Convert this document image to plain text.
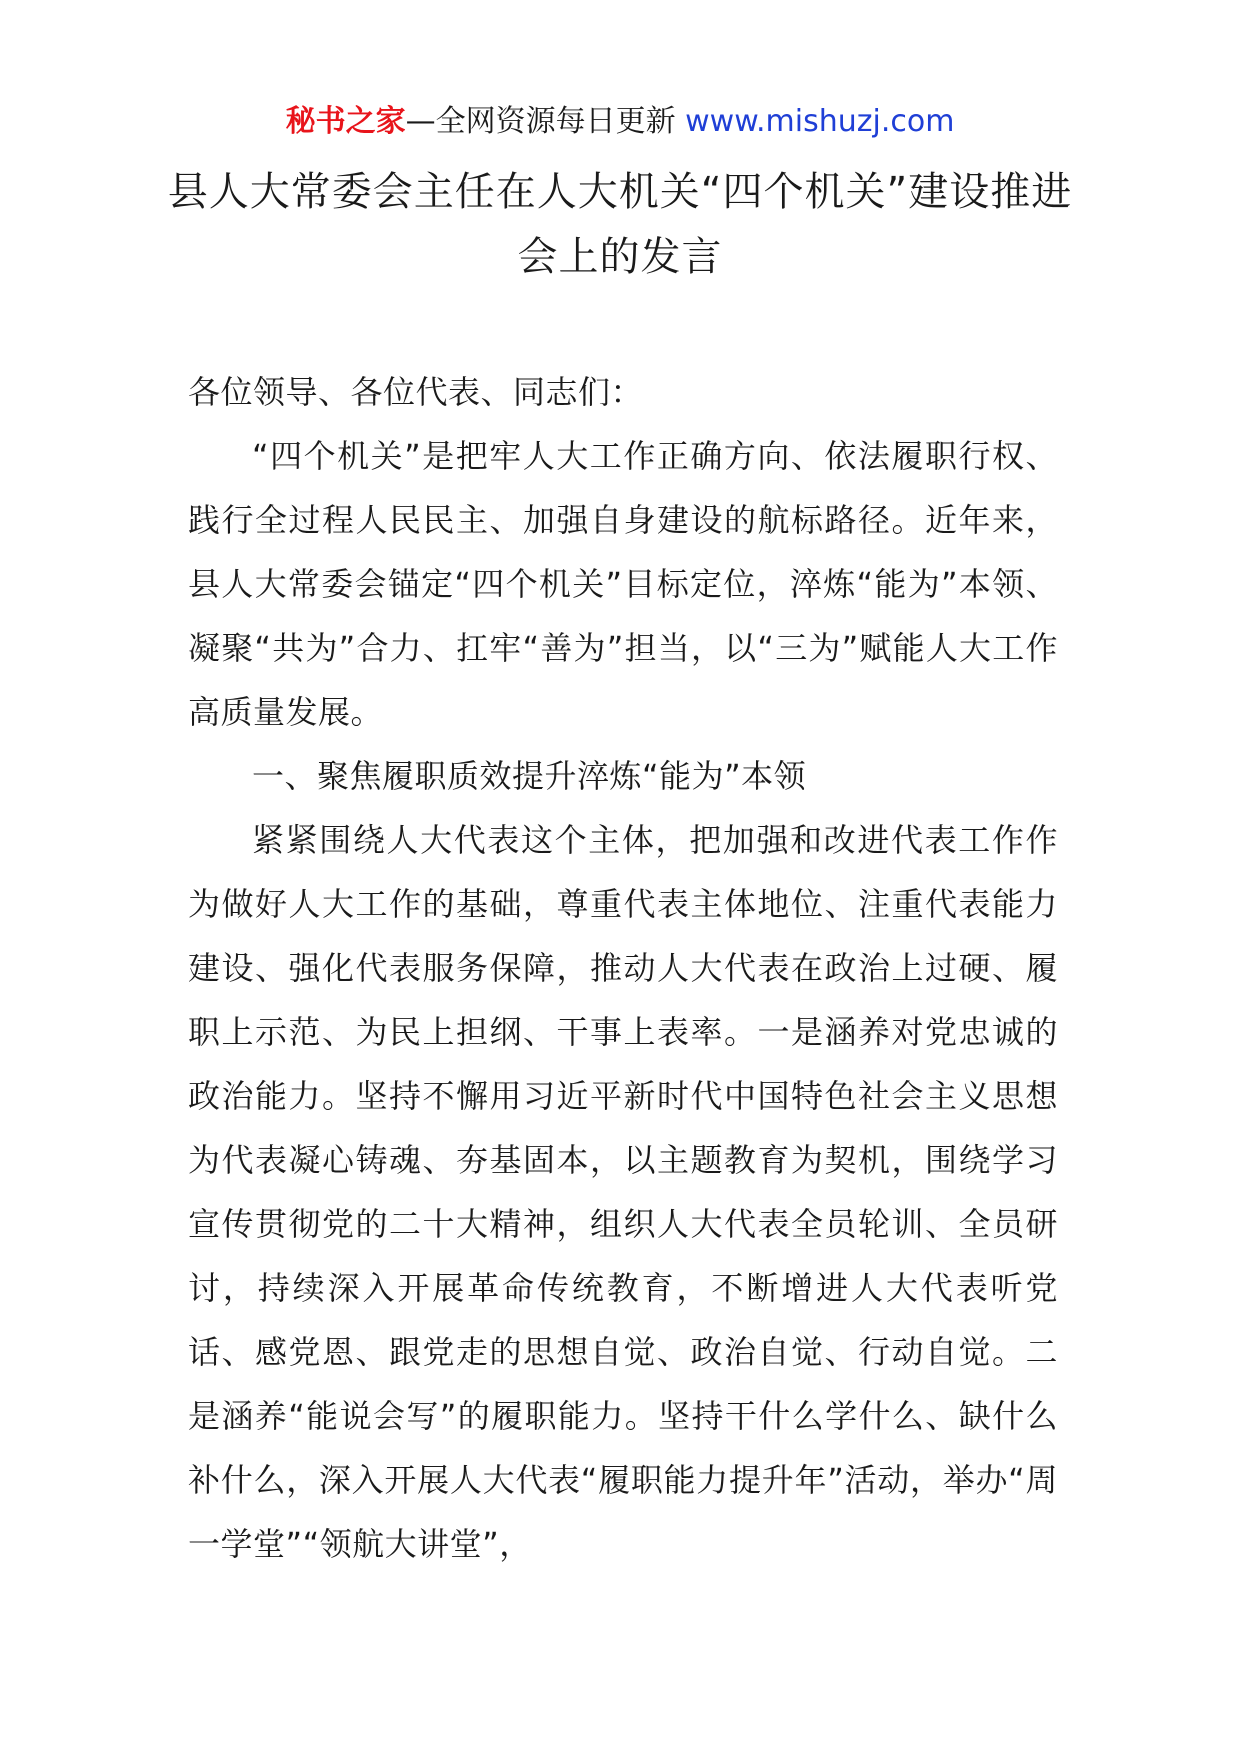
秘书之家—全网资源每日更新 www.mishuzj.com
县人大常委会主任在人大机关“四个机关”建设推进会上的发言

各位领导、各位代表、同志们：

“四个机关”是把牢人大工作正确方向、依法履职行权、践行全过程人民民主、加强自身建设的航标路径。近年来，县人大常委会锚定“四个机关”目标定位，淬炼“能为”本领、凝聚“共为”合力、扛牢“善为”担当，以“三为”赋能人大工作高质量发展。

一、聚焦履职质效提升淬炼“能为”本领

紧紧围绕人大代表这个主体，把加强和改进代表工作作为做好人大工作的基础，尊重代表主体地位、注重代表能力建设、强化代表服务保障，推动人大代表在政治上过硬、履职上示范、为民上担纲、干事上表率。一是涵养对党忠诚的政治能力。坚持不懈用习近平新时代中国特色社会主义思想为代表凝心铸魂、夯基固本，以主题教育为契机，围绕学习宣传贯彻党的二十大精神，组织人大代表全员轮训、全员研讨，持续深入开展革命传统教育，不断增进人大代表听党话、感党恩、跟党走的思想自觉、政治自觉、行动自觉。二是涵养“能说会写”的履职能力。坚持干什么学什么、缺什么补什么，深入开展人大代表“履职能力提升年”活动，举办“周一学堂”“领航大讲堂”，
